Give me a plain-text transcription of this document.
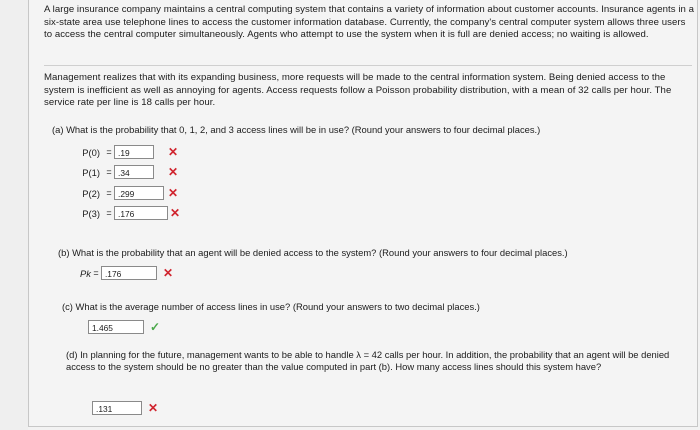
A large insurance company maintains a central computing system that contains a variety of information about customer accounts. Insurance agents in a six-state area use telephone lines to access the customer information database. Currently, the company's central computer system allows three users to access the central computer simultaneously. Agents who attempt to use the system when it is full are denied access; no waiting is allowed.
Management realizes that with its expanding business, more requests will be made to the central information system. Being denied access to the system is inefficient as well as annoying for agents. Access requests follow a Poisson probability distribution, with a mean of 32 calls per hour. The service rate per line is 18 calls per hour.
(a) What is the probability that 0, 1, 2, and 3 access lines will be in use? (Round your answers to four decimal places.)
P(0) = .19	✕
P(1) = .34	✕
P(2) = .299	✕
P(3) = .176	✕
(b) What is the probability that an agent will be denied access to the system? (Round your answers to four decimal places.)
Pk = .176	✕
(c) What is the average number of access lines in use? (Round your answers to two decimal places.)
1.465	✓
(d) In planning for the future, management wants to be able to handle λ = 42 calls per hour. In addition, the probability that an agent will be denied access to the system should be no greater than the value computed in part (b). How many access lines should this system have?
.131	✕
